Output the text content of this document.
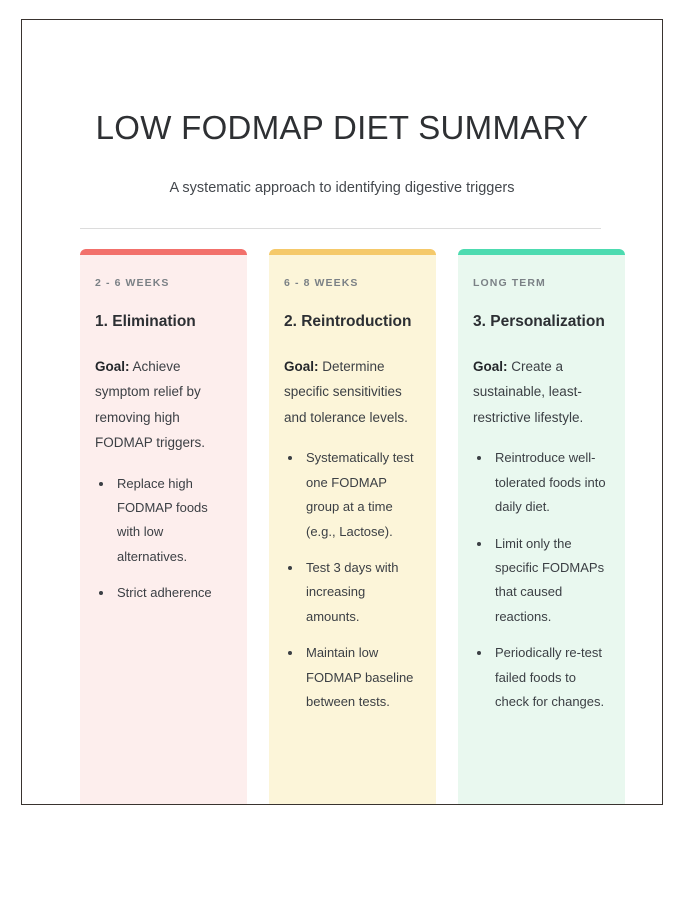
LOW FODMAP DIET SUMMARY

A systematic approach to identifying digestive triggers

2 - 6 WEEKS
1. Elimination

Goal: Achieve symptom relief by removing high FODMAP triggers.

• Replace high FODMAP foods with low alternatives.
• Strict adherence
6 - 8 WEEKS
2. Reintroduction

Goal: Determine specific sensitivities and tolerance levels.

• Systematically test one FODMAP group at a time (e.g., Lactose).
• Test 3 days with increasing amounts.
• Maintain low FODMAP baseline between tests.
LONG TERM
3. Personalization

Goal: Create a sustainable, least-restrictive lifestyle.

• Reintroduce well-tolerated foods into daily diet.
• Limit only the specific FODMAPs that caused reactions.
• Periodically re-test failed foods to check for changes.
